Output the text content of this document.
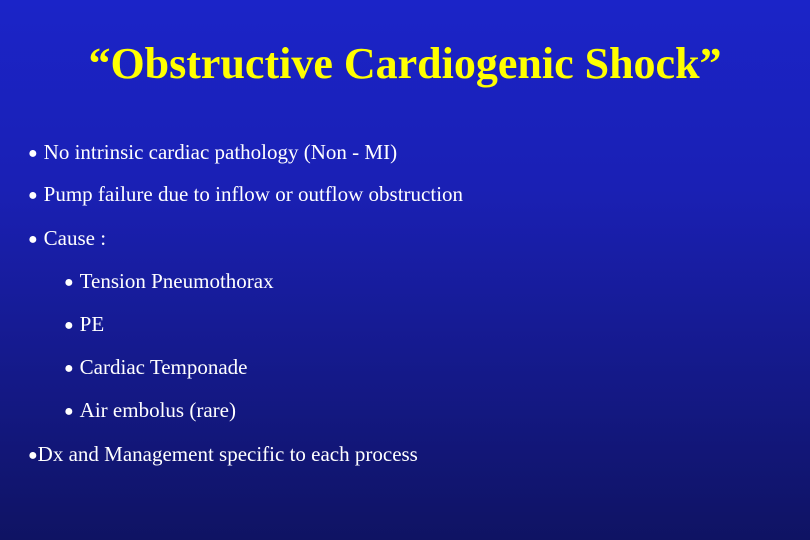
“Obstructive Cardiogenic Shock”
● No intrinsic cardiac pathology (Non - MI)
● Pump failure due to inflow or outflow obstruction
● Cause :
● Tension Pneumothorax
● PE
● Cardiac Temponade
● Air embolus (rare)
●Dx and Management specific to each process
